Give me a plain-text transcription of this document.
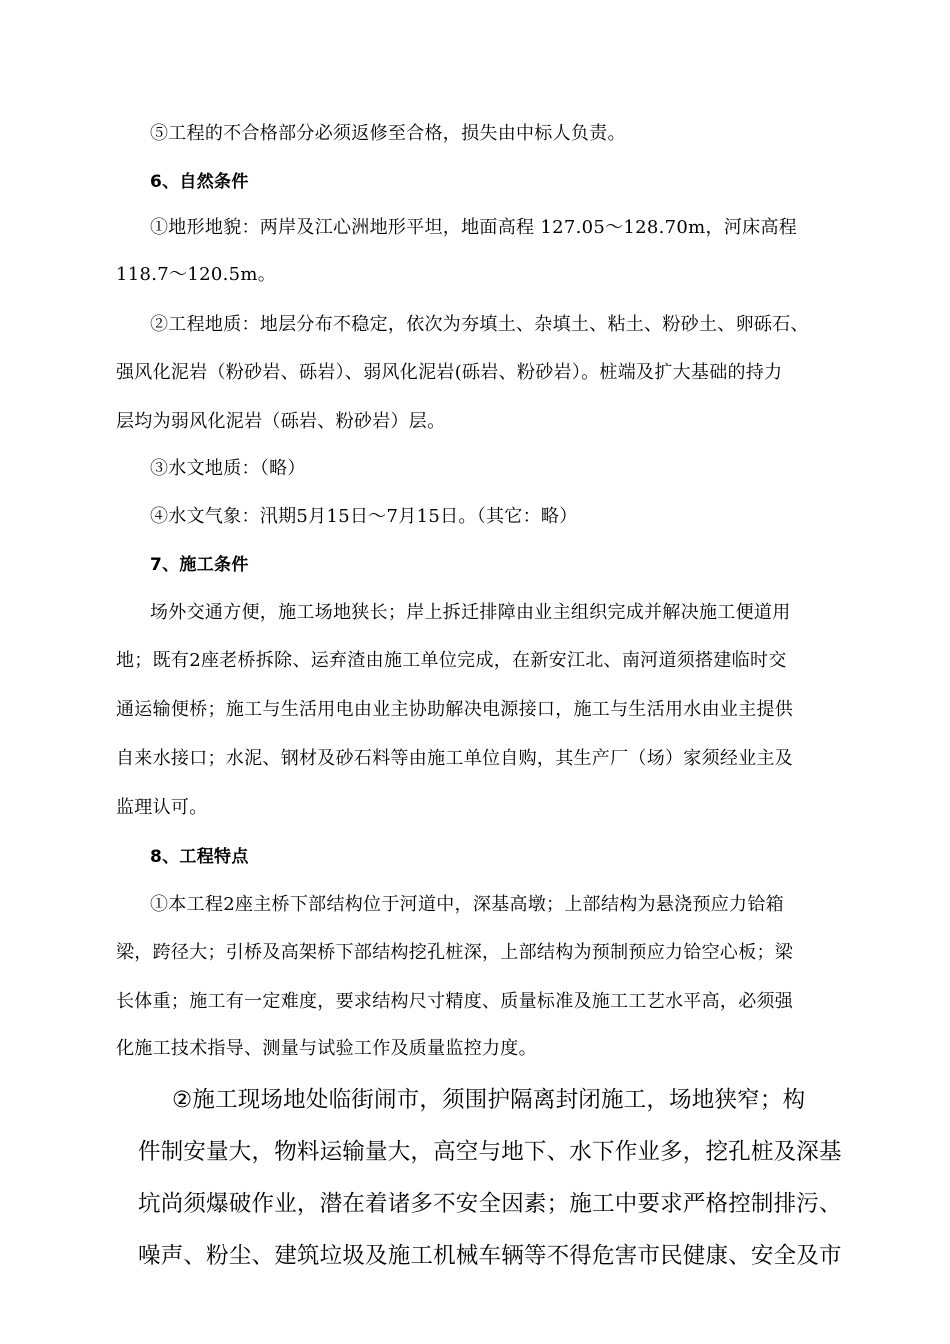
⑤工程的不合格部分必须返修至合格，损失由中标人负责。
6、自然条件
①地形地貌：两岸及江心洲地形平坦，地面高程 127.05～128.70m，河床高程
118.7～120.5m。
②工程地质：地层分布不稳定，依次为夯填土、杂填土、粘土、粉砂土、卵砾石、
强风化泥岩（粉砂岩、砾岩）、弱风化泥岩(砾岩、粉砂岩）。桩端及扩大基础的持力
层均为弱风化泥岩（砾岩、粉砂岩）层。
③水文地质：（略）
④水文气象：汛期5月15日～7月15日。（其它：略）
7、施工条件
场外交通方便，施工场地狭长；岸上拆迁排障由业主组织完成并解决施工便道用
地；既有2座老桥拆除、运弃渣由施工单位完成，在新安江北、南河道须搭建临时交
通运输便桥；施工与生活用电由业主协助解决电源接口，施工与生活用水由业主提供
自来水接口；水泥、钢材及砂石料等由施工单位自购，其生产厂（场）家须经业主及
监理认可。
8、工程特点
①本工程2座主桥下部结构位于河道中，深基高墩；上部结构为悬浇预应力铪箱
梁，跨径大；引桥及高架桥下部结构挖孔桩深，上部结构为预制预应力铪空心板；梁
长体重；施工有一定难度，要求结构尺寸精度、质量标准及施工工艺水平高，必须强
化施工技术指导、测量与试验工作及质量监控力度。
②施工现场地处临街闹市，须围护隔离封闭施工，场地狭窄；构
件制安量大，物料运输量大，高空与地下、水下作业多，挖孔桩及深基
坑尚须爆破作业，潜在着诸多不安全因素；施工中要求严格控制排污、
噪声、粉尘、建筑垃圾及施工机械车辆等不得危害市民健康、安全及市
